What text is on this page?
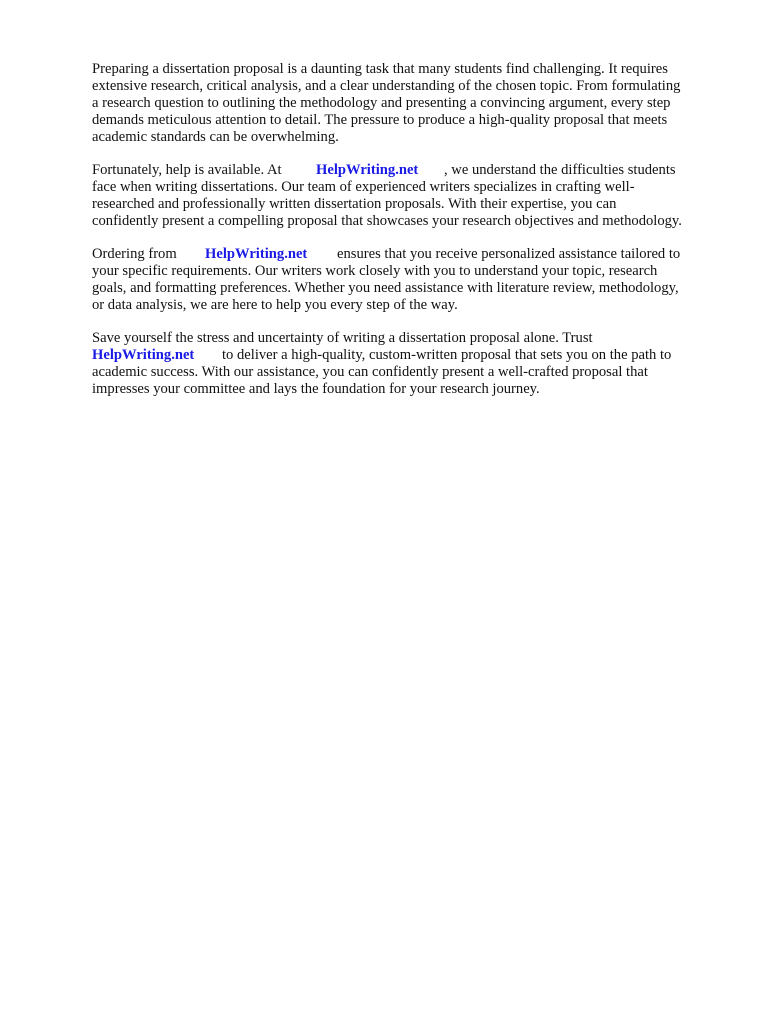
Preparing a dissertation proposal is a daunting task that many students find challenging. It requires
extensive research, critical analysis, and a clear understanding of the chosen topic. From formulating
a research question to outlining the methodology and presenting a convincing argument, every step
demands meticulous attention to detail. The pressure to produce a high-quality proposal that meets
academic standards can be overwhelming.

Fortunately, help is available. At

HelpWriting.net

, we understand the difficulties students

face when writing dissertations. Our team of experienced writers specializes in crafting well-
researched and professionally written dissertation proposals. With their expertise, you can
confidently present a compelling proposal that showcases your research objectives and methodology.

Ordering from

HelpWriting.net

ensures that you receive personalized assistance tailored to

your specific requirements. Our writers work closely with you to understand your topic, research
goals, and formatting preferences. Whether you need assistance with literature review, methodology,
or data analysis, we are here to help you every step of the way.
Save yourself the stress and uncertainty of writing a dissertation proposal alone. Trust

HelpWriting.net

to deliver a high-quality, custom-written proposal that sets you on the path to

academic success. With our assistance, you can confidently present a well-crafted proposal that
impresses your committee and lays the foundation for your research journey.
